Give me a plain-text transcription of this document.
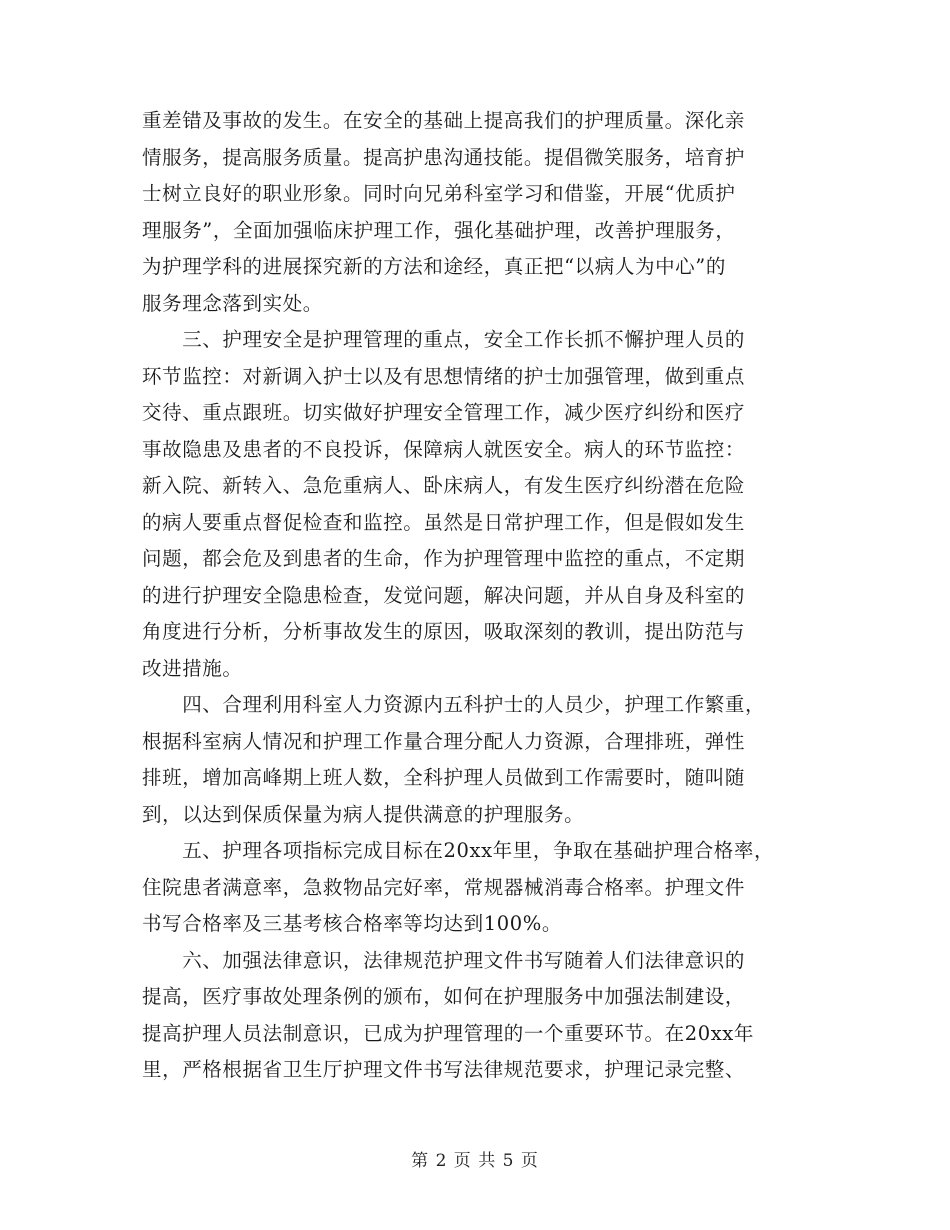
重差错及事故的发生。在安全的基础上提高我们的护理质量。深化亲
情服务，提高服务质量。提高护患沟通技能。提倡微笑服务，培育护
士树立良好的职业形象。同时向兄弟科室学习和借鉴，开展“优质护
理服务”，全面加强临床护理工作，强化基础护理，改善护理服务，
为护理学科的进展探究新的方法和途经，真正把“以病人为中心”的
服务理念落到实处。
　　三、护理安全是护理管理的重点，安全工作长抓不懈护理人员的
环节监控：对新调入护士以及有思想情绪的护士加强管理，做到重点
交待、重点跟班。切实做好护理安全管理工作，减少医疗纠纷和医疗
事故隐患及患者的不良投诉，保障病人就医安全。病人的环节监控：
新入院、新转入、急危重病人、卧床病人，有发生医疗纠纷潜在危险
的病人要重点督促检查和监控。虽然是日常护理工作，但是假如发生
问题，都会危及到患者的生命，作为护理管理中监控的重点，不定期
的进行护理安全隐患检查，发觉问题，解决问题，并从自身及科室的
角度进行分析，分析事故发生的原因，吸取深刻的教训，提出防范与
改进措施。
　　四、合理利用科室人力资源内五科护士的人员少，护理工作繁重，
根据科室病人情况和护理工作量合理分配人力资源，合理排班，弹性
排班，增加高峰期上班人数，全科护理人员做到工作需要时，随叫随
到，以达到保质保量为病人提供满意的护理服务。
　　五、护理各项指标完成目标在20xx年里，争取在基础护理合格率，
住院患者满意率，急救物品完好率，常规器械消毒合格率。护理文件
书写合格率及三基考核合格率等均达到100%。
　　六、加强法律意识，法律规范护理文件书写随着人们法律意识的
提高，医疗事故处理条例的颁布，如何在护理服务中加强法制建设，
提高护理人员法制意识，已成为护理管理的一个重要环节。在20xx年
里，严格根据省卫生厅护理文件书写法律规范要求，护理记录完整、
第 2 页 共 5 页
